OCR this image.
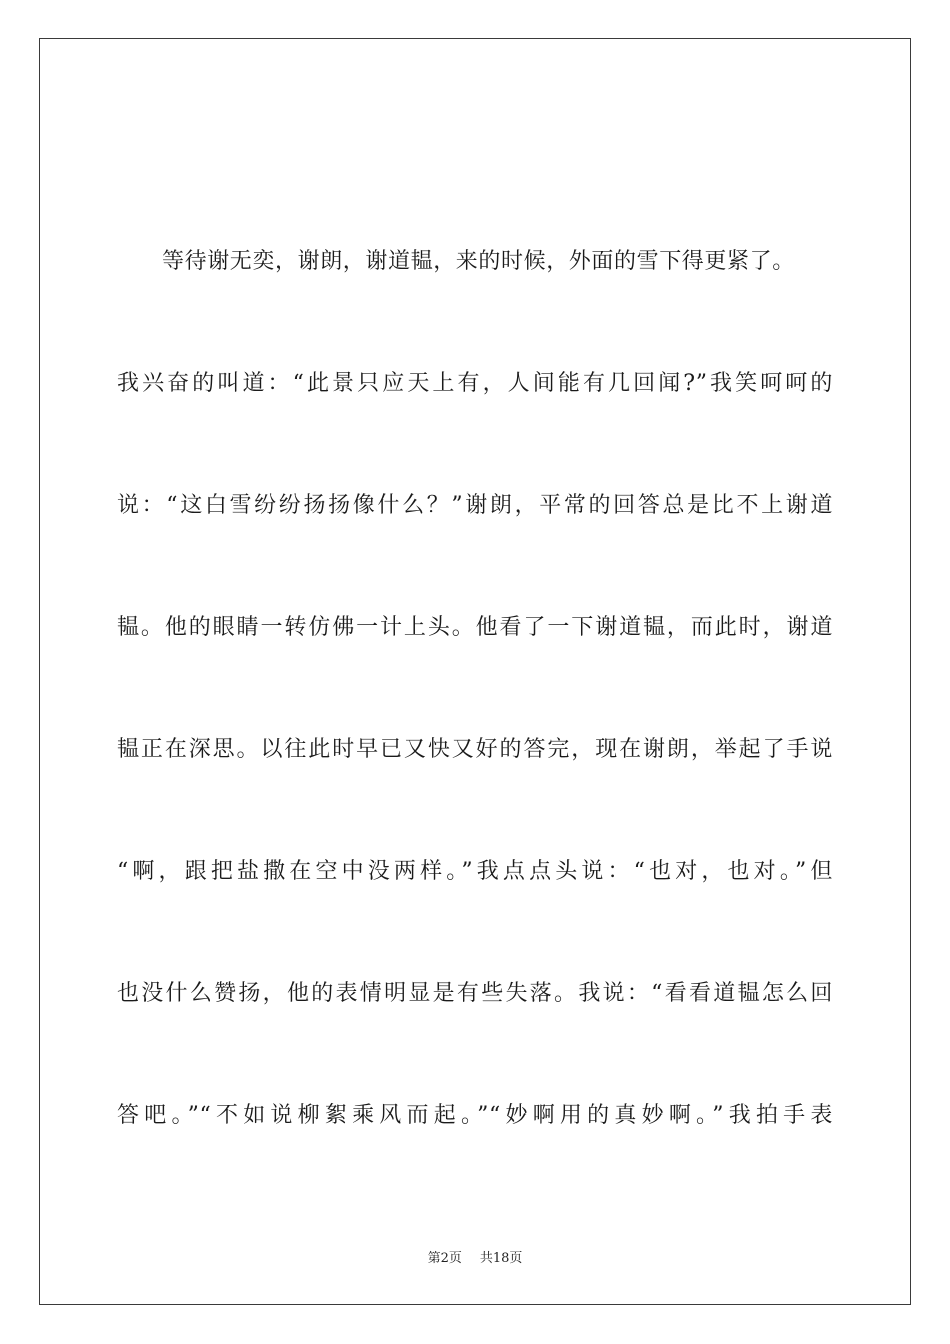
等待谢无奕，谢朗，谢道韫，来的时候，外面的雪下得更紧了。
我兴奋的叫道：“此景只应天上有，人间能有几回闻?”我笑呵呵的
说：“这白雪纷纷扬扬像什么？”谢朗，平常的回答总是比不上谢道
韫。他的眼睛一转仿佛一计上头。他看了一下谢道韫，而此时，谢道
韫正在深思。以往此时早已又快又好的答完，现在谢朗，举起了手说
“啊，跟把盐撒在空中没两样。”我点点头说：“也对，也对。”但
也没什么赞扬，他的表情明显是有些失落。我说：“看看道韫怎么回
答吧。”“不如说柳絮乘风而起。”“妙啊用的真妙啊。”我拍手表
第2页 共18页
